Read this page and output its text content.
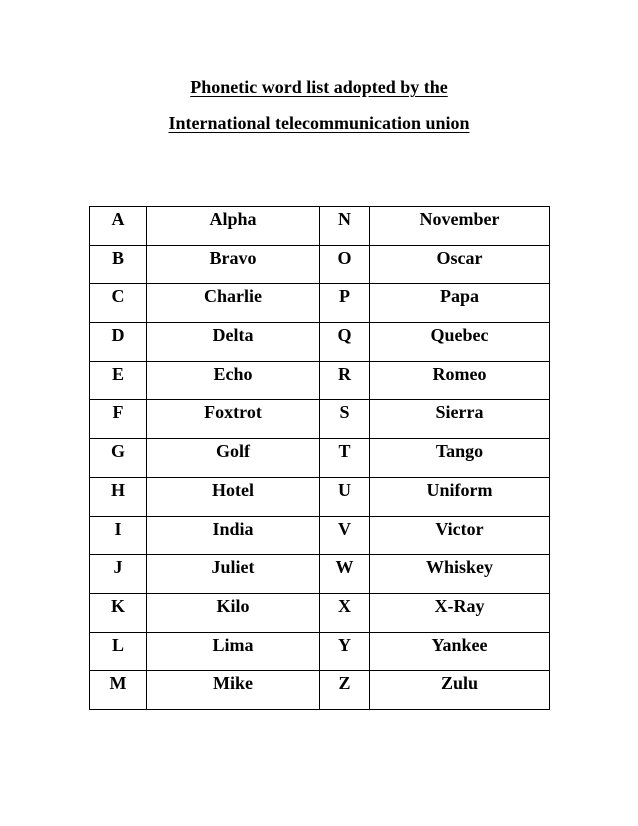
Phonetic word list adopted by the
International telecommunication union
A	Alpha	N	November
B	Bravo	O	Oscar
C	Charlie	P	Papa
D	Delta	Q	Quebec
E	Echo	R	Romeo
F	Foxtrot	S	Sierra
G	Golf	T	Tango
H	Hotel	U	Uniform
I	India	V	Victor
J	Juliet	W	Whiskey
K	Kilo	X	X-Ray
L	Lima	Y	Yankee
M	Mike	Z	Zulu
